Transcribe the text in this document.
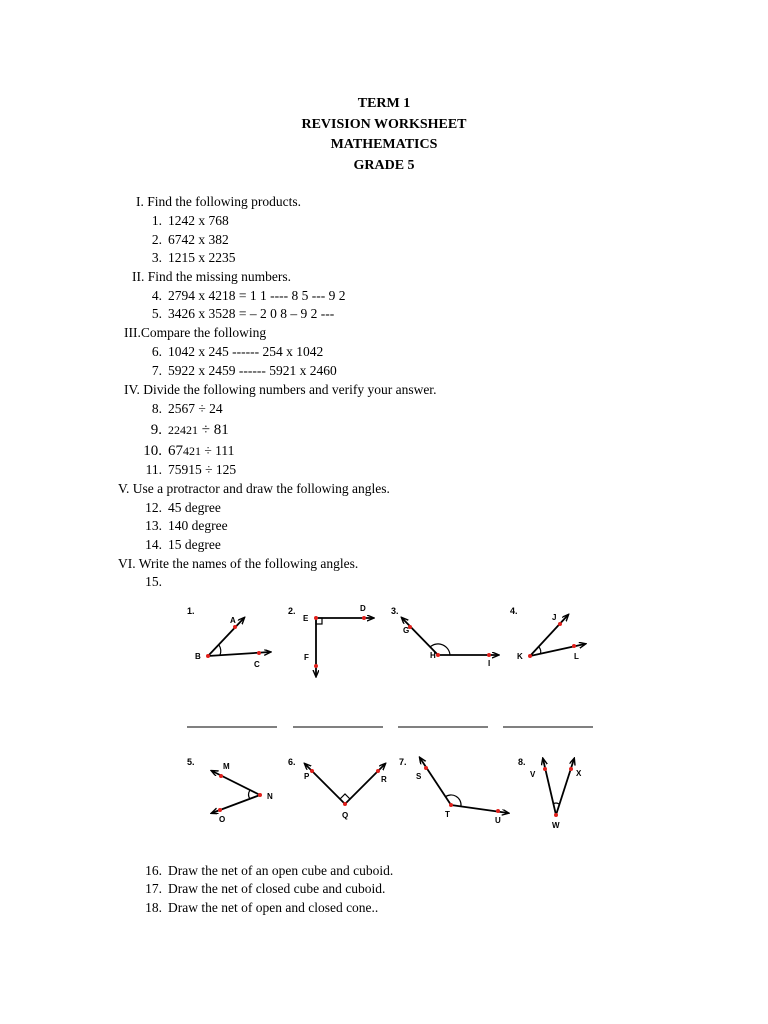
TERM 1
REVISION WORKSHEET
MATHEMATICS
GRADE 5
I. Find the following products.
1. 1242 x 768
2. 6742 x 382
3. 1215 x 2235
II. Find the missing numbers.
4. 2794 x 4218 = 1 1 ---- 8 5 --- 9 2
5. 3426 x 3528 = – 2 0 8 – 9 2 ---
III.Compare the following
6. 1042 x 245 ------ 254 x 1042
7. 5922 x 2459 ------ 5921 x 2460
IV. Divide the following numbers and verify your answer.
8. 2567 ÷ 24
9. 22421 ÷ 81
10. 67421 ÷ 111
11. 75915 ÷ 125
V. Use a protractor and draw the following angles.
12. 45 degree
13. 140 degree
14. 15 degree
VI. Write the names of the following angles.
15.
1.	2.	3.	4.
A
B
C
E
D
F
G
H
I
J
K	L
5.	6.	7.	8.
M
N
O
P
Q
R	S
T
U
V	X
W
16. Draw the net of an open cube and cuboid.
17. Draw the net of closed cube and cuboid.
18. Draw the net of open and closed cone..
